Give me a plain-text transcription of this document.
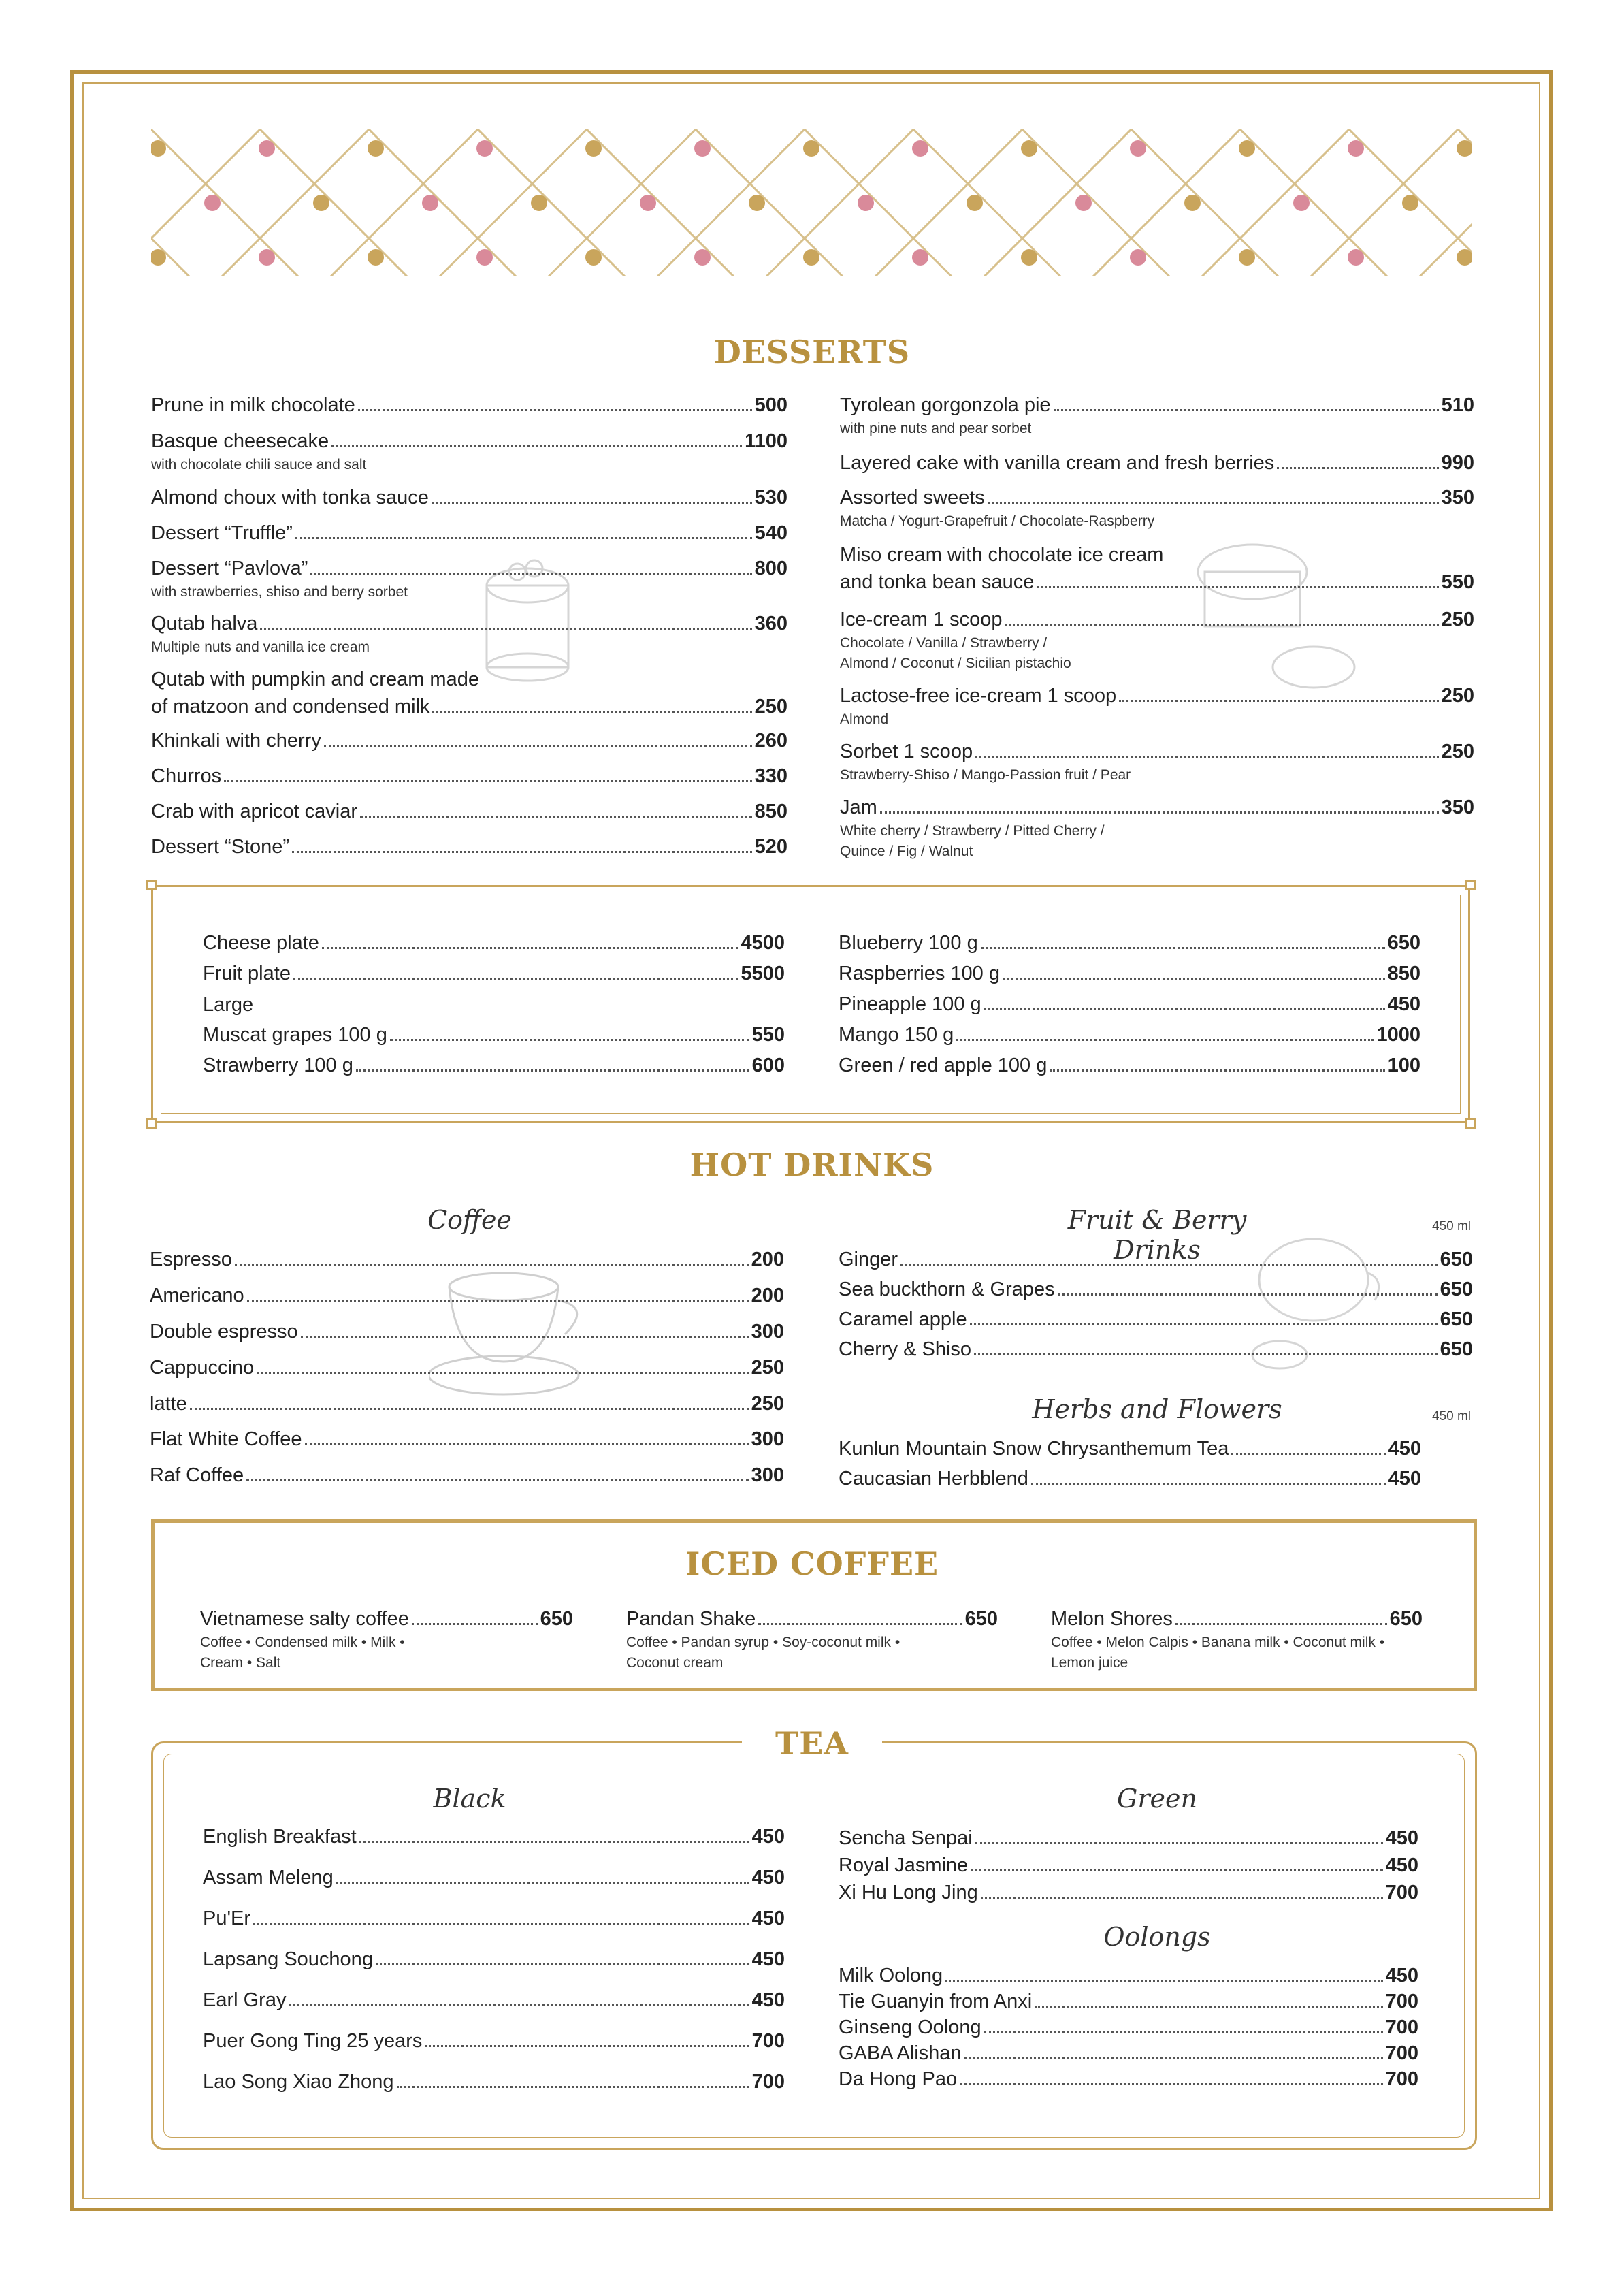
DESSERTS
Prune in milk chocolate	500
Basque cheesecake	1100
with chocolate chili sauce and salt
Almond choux with tonka sauce	530
Dessert “Truffle”	540
Dessert “Pavlova”	800
with strawberries, shiso and berry sorbet
Qutab halva	360
Multiple nuts and vanilla ice cream
Qutab with pumpkin and cream made
of matzoon and condensed milk	250
Khinkali with cherry	260
Churros	330
Crab with apricot caviar	850
Dessert “Stone”	520
Tyrolean gorgonzola pie	510
with pine nuts and pear sorbet
Layered cake with vanilla cream and fresh berries	990
Assorted sweets	350
Matcha / Yogurt-Grapefruit / Chocolate-Raspberry
Miso cream with chocolate ice cream
and tonka bean sauce	550
Ice-cream 1 scoop	250
Chocolate / Vanilla / Strawberry /
Almond / Coconut / Sicilian pistachio
Lactose-free ice-cream 1 scoop	250
Almond
Sorbet 1 scoop	250
Strawberry-Shiso / Mango-Passion fruit / Pear
Jam	350
White cherry / Strawberry / Pitted Cherry /
Quince / Fig / Walnut
Cheese plate	4500
Fruit plate	5500
Large
Muscat grapes 100 g	550
Strawberry 100 g	600
Blueberry 100 g	650
Raspberries 100 g	850
Pineapple 100 g	450
Mango 150 g	1000
Green / red apple 100 g	100
HOT DRINKS
Coffee	Fruit & Berry Drinks
450 ml
Herbs and Flowers	450 ml
Espresso	200
Americano	200
Double espresso	300
Cappuccino	250
latte	250
Flat White Coffee	300
Raf Coffee	300
Ginger	650
Sea buckthorn & Grapes	650
Caramel apple	650
Cherry & Shiso	650
Kunlun Mountain Snow Chrysanthemum Tea	450
Caucasian Herbblend	450
ICED COFFEE
Vietnamese salty coffee	650
Coffee • Condensed milk • Milk •
Cream • Salt
Pandan Shake	650
Coffee • Pandan syrup • Soy-coconut milk •
Coconut cream
Melon Shores	650
Coffee • Melon Calpis • Banana milk • Coconut milk •
Lemon juice
TEA
Black	Green
Oolongs
English Breakfast	450
Assam Meleng	450
Pu'Er	450
Lapsang Souchong	450
Earl Gray	450
Puer Gong Ting 25 years	700
Lao Song Xiao Zhong	700
Sencha Senpai	450
Royal Jasmine	450
Xi Hu Long Jing	700
Milk Oolong	450
Tie Guanyin from Anxi	700
Ginseng Oolong	700
GABA Alishan	700
Da Hong Pao	700
